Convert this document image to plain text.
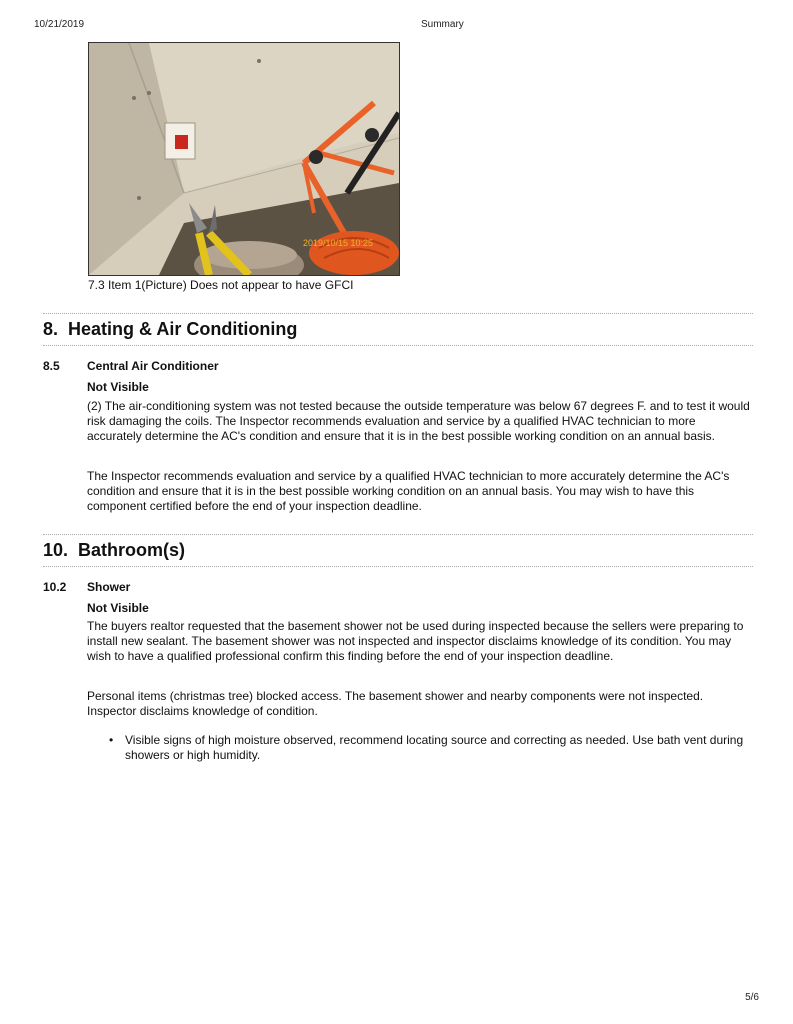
10/21/2019	Summary
2019/10/15 10:25
7.3 Item 1(Picture) Does not appear to have GFCI
8. Heating & Air Conditioning
8.5 Central Air Conditioner
Not Visible

(2) The air-conditioning system was not tested because the outside temperature was below 67 degrees F. and to test it would risk damaging the coils. The Inspector recommends evaluation and service by a qualified HVAC technician to more accurately determine the AC's condition and ensure that it is in the best possible working condition on an annual basis.

The Inspector recommends evaluation and service by a qualified HVAC technician to more accurately determine the AC's condition and ensure that it is in the best possible working condition on an annual basis. You may wish to have this component certified before the end of your inspection deadline.

10. Bathroom(s)
10.2 Shower
Not Visible

The buyers realtor requested that the basement shower not be used during inspected because the sellers were preparing to install new sealant. The basement shower was not inspected and inspector disclaims knowledge of its condition. You may wish to have a qualified professional confirm this finding before the end of your inspection deadline.

Personal items (christmas tree) blocked access. The basement shower and nearby components were not inspected. Inspector disclaims knowledge of condition.

• Visible signs of high moisture observed, recommend locating source and correcting as needed. Use bath vent during showers or high humidity.
5/6
